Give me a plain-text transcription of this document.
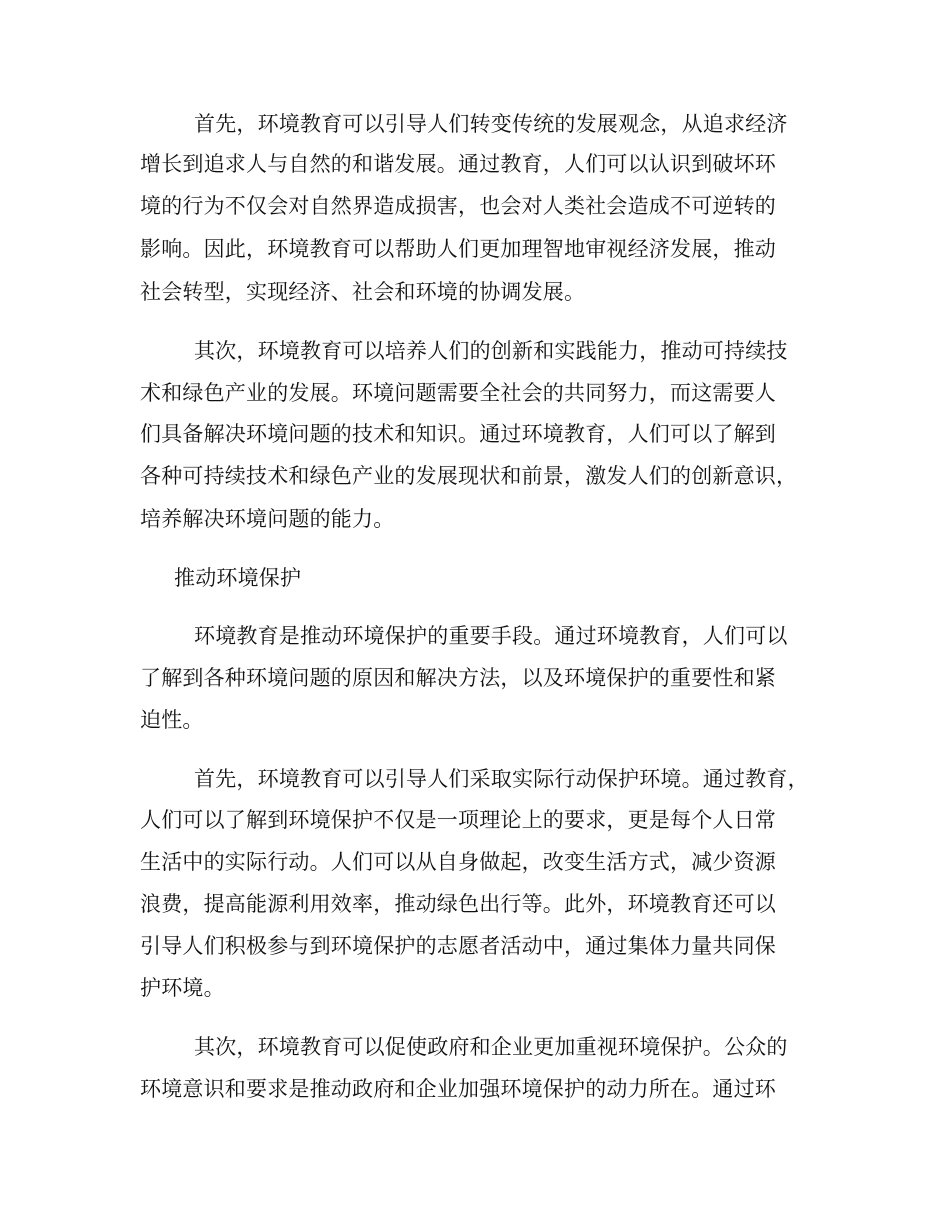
首先，环境教育可以引导人们转变传统的发展观念，从追求经济
增长到追求人与自然的和谐发展。通过教育，人们可以认识到破坏环
境的行为不仅会对自然界造成损害，也会对人类社会造成不可逆转的
影响。因此，环境教育可以帮助人们更加理智地审视经济发展，推动
社会转型，实现经济、社会和环境的协调发展。
其次，环境教育可以培养人们的创新和实践能力，推动可持续技
术和绿色产业的发展。环境问题需要全社会的共同努力，而这需要人
们具备解决环境问题的技术和知识。通过环境教育，人们可以了解到
各种可持续技术和绿色产业的发展现状和前景，激发人们的创新意识，
培养解决环境问题的能力。
推动环境保护
环境教育是推动环境保护的重要手段。通过环境教育，人们可以
了解到各种环境问题的原因和解决方法，以及环境保护的重要性和紧
迫性。
首先，环境教育可以引导人们采取实际行动保护环境。通过教育，
人们可以了解到环境保护不仅是一项理论上的要求，更是每个人日常
生活中的实际行动。人们可以从自身做起，改变生活方式，减少资源
浪费，提高能源利用效率，推动绿色出行等。此外，环境教育还可以
引导人们积极参与到环境保护的志愿者活动中，通过集体力量共同保
护环境。
其次，环境教育可以促使政府和企业更加重视环境保护。公众的
环境意识和要求是推动政府和企业加强环境保护的动力所在。通过环
